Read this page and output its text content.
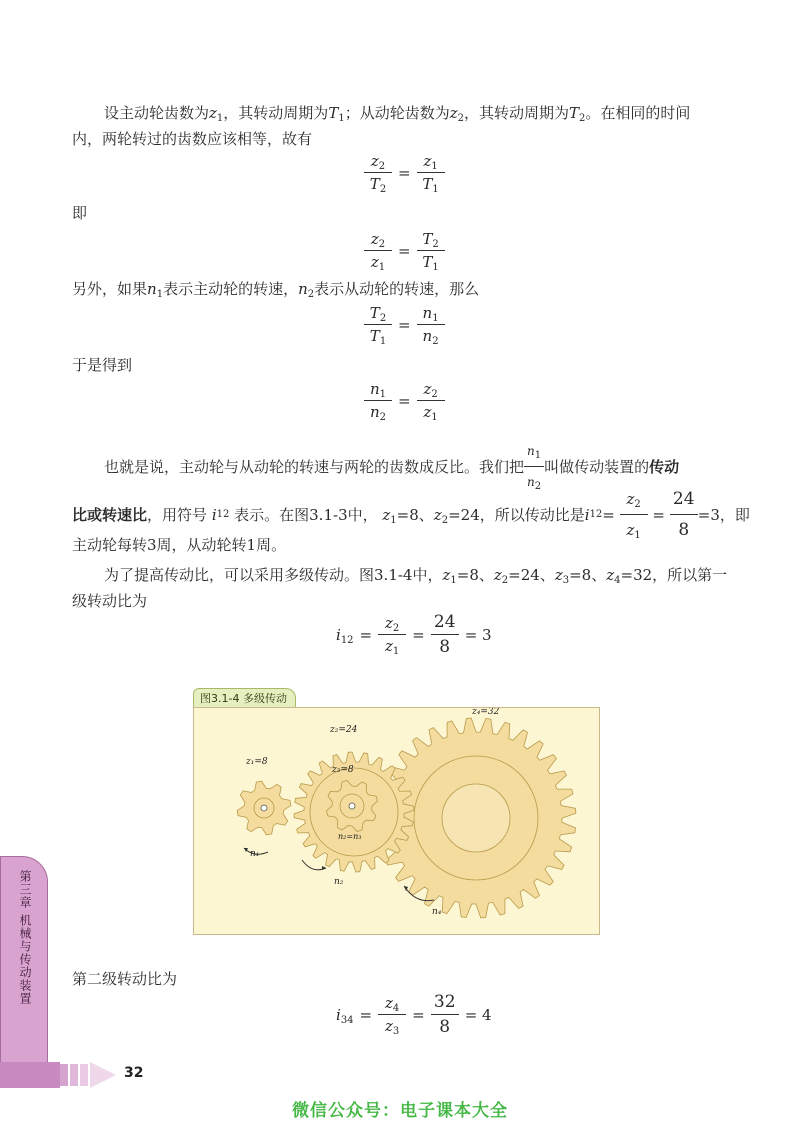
设主动轮齿数为$z_1$，其转动周期为$T_1$；从动轮齿数为$z_2$，其转动周期为$T_2$。在相同的时间
内，两轮转过的齿数应该相等，故有
$\frac{z_2}{T_2} = \frac{z_1}{T_1}$
即
$\frac{z_2}{z_1} = \frac{T_2}{T_1}$
另外，如果$n_1$表示主动轮的转速，$n_2$表示从动轮的转速，那么
$\frac{T_2}{T_1} = \frac{n_1}{n_2}$
于是得到
$\frac{n_1}{n_2} = \frac{z_2}{z_1}$
也就是说，主动轮与从动轮的转速与两轮的齿数成反比。我们把 $\frac{n_1}{n_2}$ 叫做传动装置的 传动
比或转速比 ，用符号
i 12
表示。在图3.1-3中， $z_1=8$、$z_2=24$ ，所以传动比是 i $12 = \frac{z_2}{z_1} = \frac{24}{8} =3$，即
主动轮每转3周，从动轮转1周。
为了提高传动比，可以采用多级传动。图3.1-4中，$z_1=8$、$z_2=24$、$z_3=8$、$z_4=32$，所以第一
级转动比为
$i_{12} = \frac{z_2}{z_1} = \frac{24}{8} = 3$
图3.1-4 多级传动
z₁=8
z₂=24
z₃=8
z₄=32
n₁
n₂
n₄
n₂=n₃
第二级转动比为
$i_{34} = \frac{z_4}{z_3} = \frac{32}{8} = 4$
第三章 机械与传动装置
32
微信公众号：电子课本大全
